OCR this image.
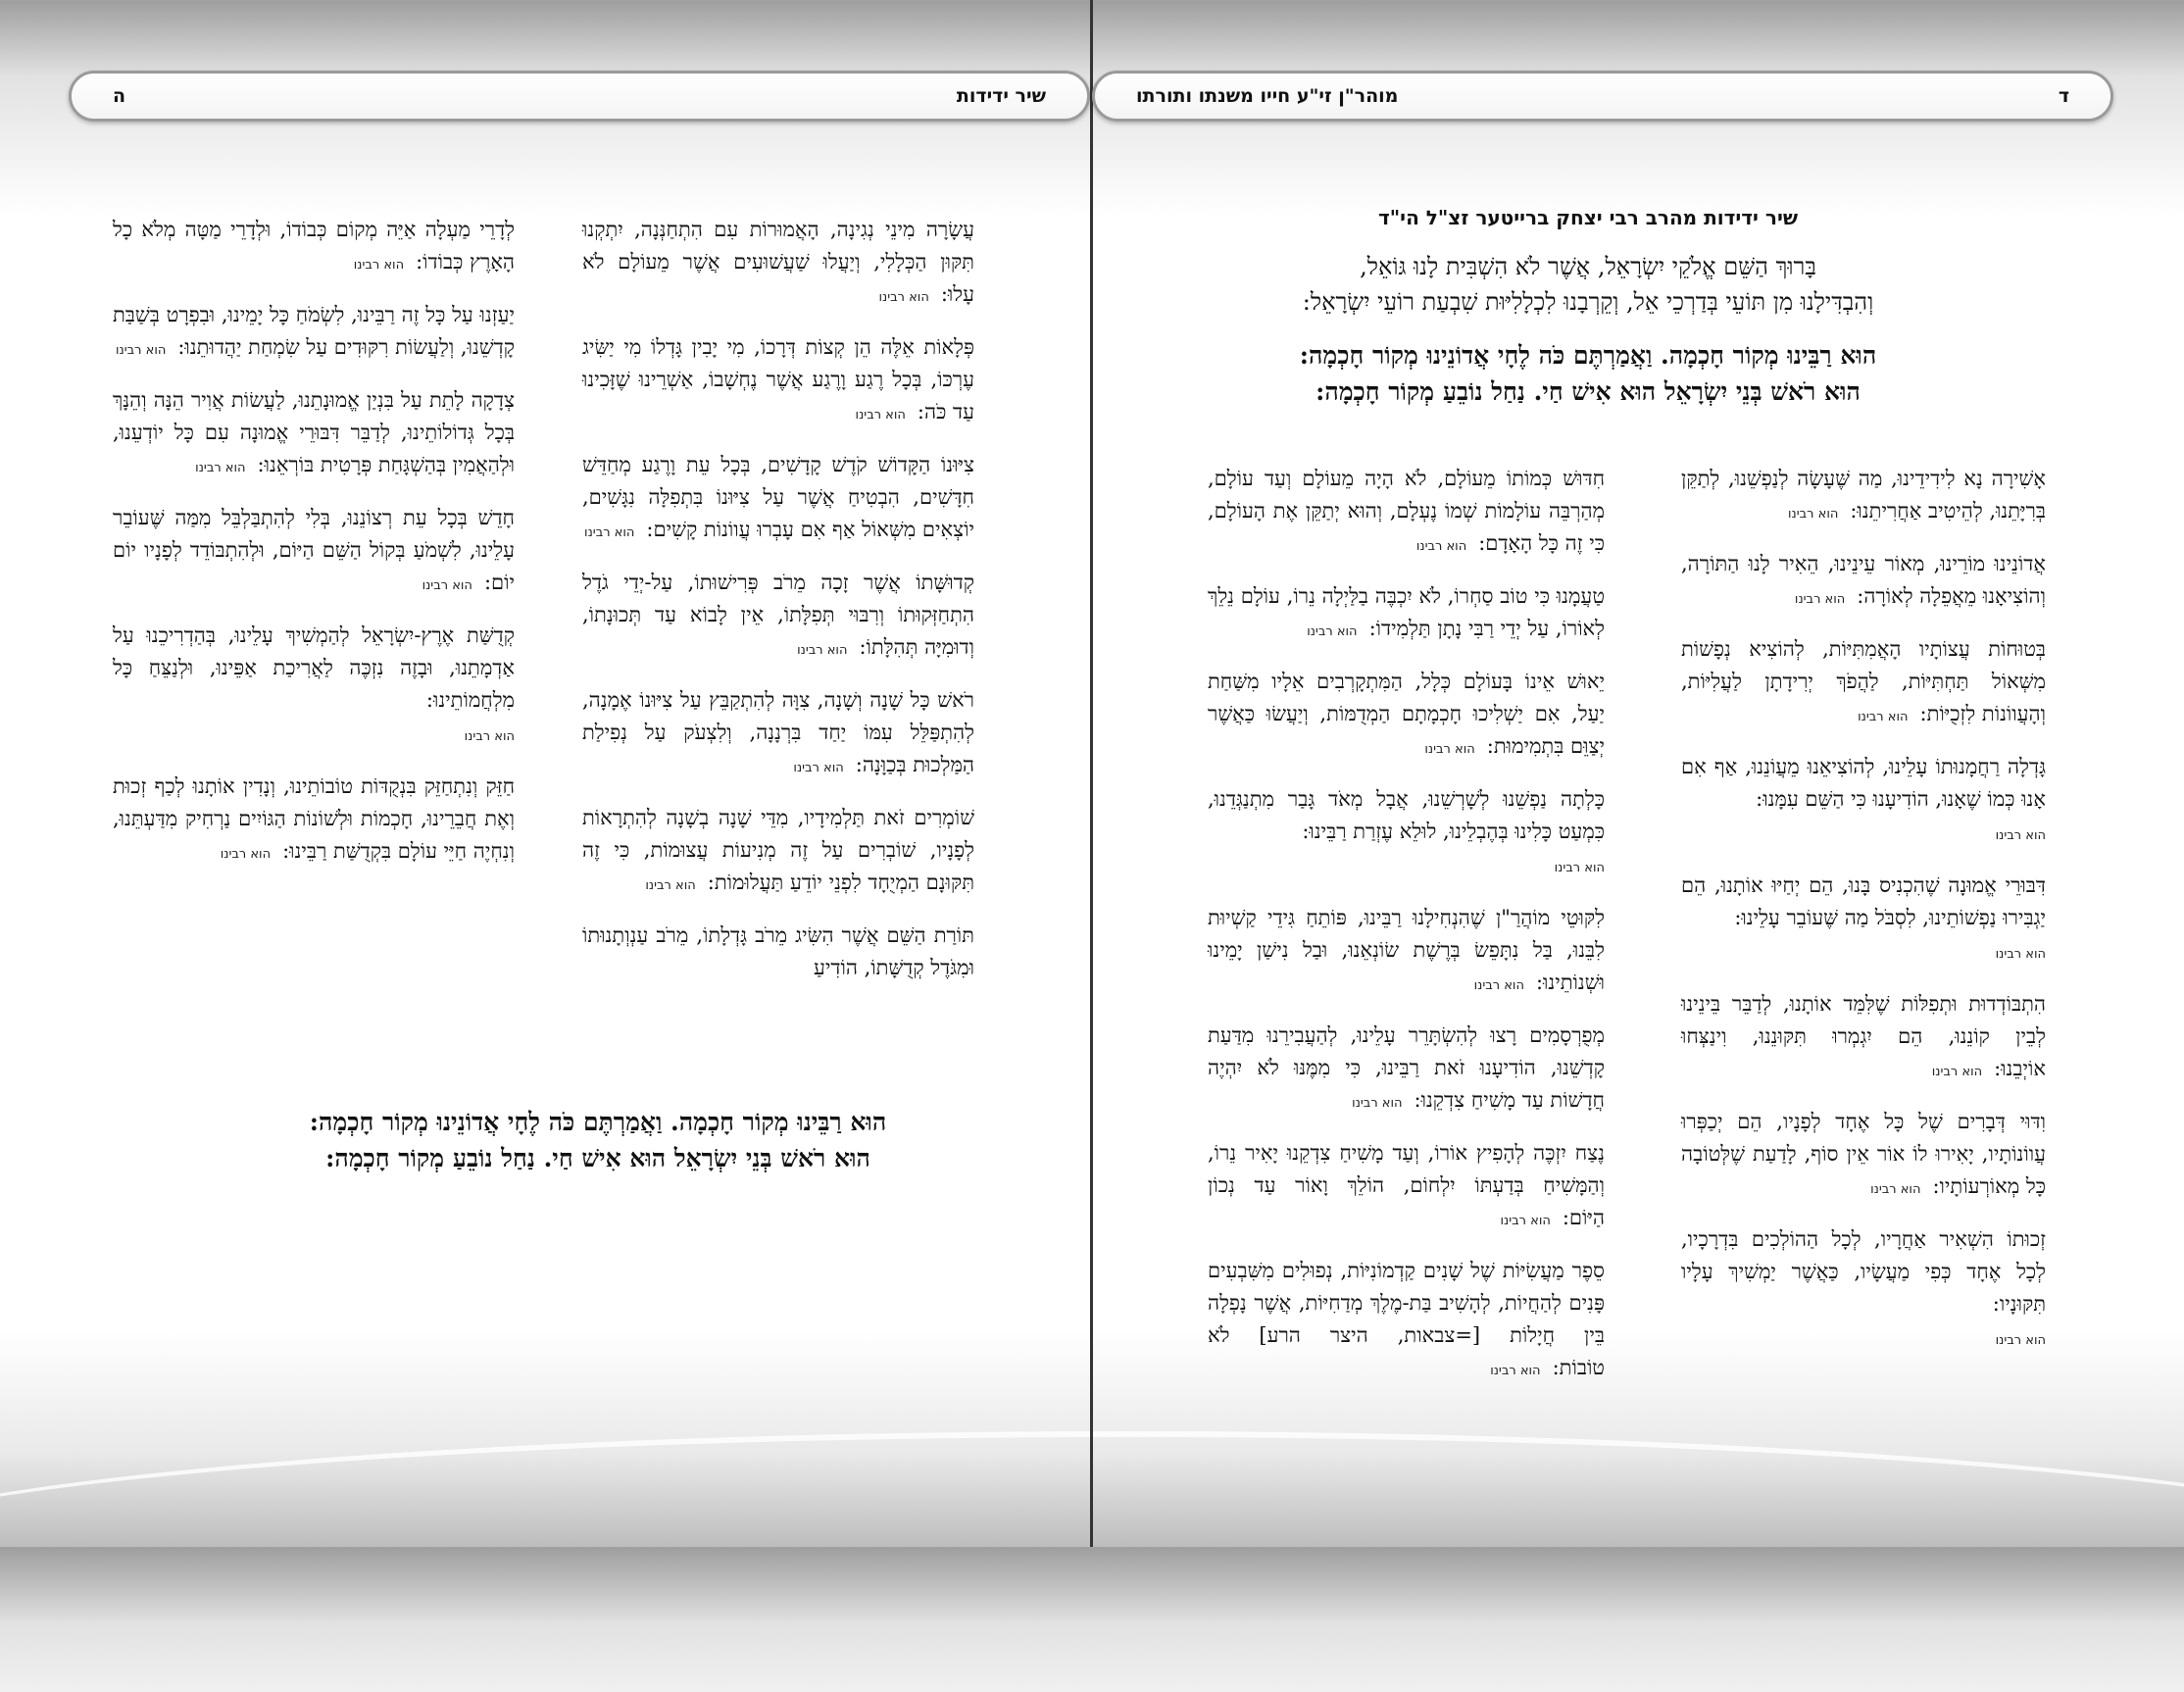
ה	שיר ידידות	מוהר"ן זי"ע חייו משנתו ותורתו	ד
שיר ידידות מהרב רבי יצחק ברייטער זצ"ל הי"ד
בָּרוּךְ הַשֵּׁם אֱלֹקֵי יִשְׂרָאֵל, אֲשֶׁר לֹא הִשְׁבִּית לָנוּ גּוֹאֵל,
וְהִבְדִּילָנוּ מִן תּוֹעֵי בְּדַרְכֵי אֵל, וְקֵרְבָנוּ לִכְלָלִיּוּת שִׁבְעַת רוֹעֵי יִשְׂרָאֵל:
הוּא רַבֵּינוּ מְקוֹר חָכְמָה. וַאֲמַרְתֶּם כֹּה לֶחָי אֲדוֹנֵינוּ מְקוֹר חָכְמָה:
הוּא רֹאשׁ בְּנֵי יִשְׂרָאֵל הוּא אִישׁ חַי. נַחַל נוֹבֵעַ מְקוֹר חָכְמָה:

אָשִׁירָה נָא לִידִידֵינוּ, מַה שֶּׁעָשָׂה לְנַפְשֵׁנוּ, לְתַקֵּן בְּרִיָּתֵנוּ, לְהֵיטִיב אַחֲרִיתֵנוּ:הוא רבינו

אֲדוֹנֵינוּ מוֹרֵינוּ, מְאוֹר עֵינֵינוּ, הֵאִיר לָנוּ הַתּוֹרָה, וְהוֹצִיאָנוּ מֵאֲפֵלָה לְאוֹרָה:הוא רבינו

בְּטוּחוֹת עֲצוֹתָיו הָאֲמִתִּיּוֹת, לְהוֹצִיא נְפָשׁוֹת מִשְּׁאוֹל תַּחְתִּיּוֹת, לַהֲפֹךְ יְרִידָתָן לַעֲלִיּוֹת, וְהָעֲווֹנוֹת לִזְכֻיּוֹת:הוא רבינו

גָּדְלָה רַחֲמָנוּתוֹ עָלֵינוּ, לְהוֹצִיאֵנוּ מֵעֲוֹנֵנוּ, אַף אִם אָנוּ כְּמוֹ שֶׁאָנוּ, הוֹדִיעָנוּ כִּי הַשֵּׁם עִמָּנוּ:
הוא רבינו

דִּבּוּרֵי אֱמוּנָה שֶׁהִכְנִיס בָּנוּ, הֵם יְחַיּוּ אוֹתָנוּ, הֵם יַגְבִּירוּ נַפְשׁוֹתֵינוּ, לִסְבֹּל מַה שֶּׁעוֹבֵר עָלֵינוּ:
הוא רבינו

הִתְבּוֹדְדוּת וּתְפִלּוֹת שֶׁלִּמֵּד אוֹתָנוּ, לְדַבֵּר בֵּינֵינוּ לְבֵין קוֹנֵנוּ, הֵם יִגְמְרוּ תִּקּוּנֵנוּ, וִינַצְּחוּ אוֹיְבֵנוּ:הוא רבינו

וִדּוּי דְּבָרִים שֶׁל כָּל אֶחָד לְפָנָיו, הֵם יְכַפְּרוּ עֲווֹנוֹתָיו, יָאִירוּ לוֹ אוֹר אֵין סוֹף, לָדַעַת שֶׁלְּטוֹבָה כָּל מְאוֹרְעוֹתָיו:הוא רבינו

זְכוּתוֹ הִשְׁאִיר אַחֲרָיו, לְכָל הַהוֹלְכִים בִּדְרָכָיו, לְכָל אֶחָד כְּפִי מַעֲשָׂיו, כַּאֲשֶׁר יַמְשִׁיךְ עָלָיו תִּקּוּנָיו:
הוא רבינו

חִדּוּשׁ כְּמוֹתוֹ מֵעוֹלָם, לֹא הָיָה מֵעוֹלָם וְעַד עוֹלָם, מְהַרְבֵּה עוֹלָמוֹת שְׁמוֹ נֶעְלָם, וְהוּא יְתַקֵּן אֶת הָעוֹלָם, כִּי זֶה כָּל הָאָדָם:הוא רבינו

טַעֲמָנוּ כִּי טוֹב סַחְרוֹ, לֹא יִכְבֶּה בַלַּיְלָה נֵרוֹ, עוֹלָם נֵלֵךְ לְאוֹרוֹ, עַל יְדֵי רַבִּי נָתָן תַּלְמִידוֹ:הוא רבינו

יֵאוּשׁ אֵינוֹ בָּעוֹלָם כְּלָל, הַמִּתְקָרְבִים אֵלָיו מִשַּׁחַת יַעַל, אִם יַשְׁלִיכוּ חָכְמָתָם הַמְדֻמּוֹת, וְיַעֲשׂוּ כַּאֲשֶׁר יְצַוֵּם בִּתְמִימוּת:הוא רבינו

כָּלְתָה נַפְשֵׁנוּ לְשָׁרְשֵׁנוּ, אֲבָל מְאֹד גָּבַר מִתְנַגְּדֵנוּ, כִּמְעַט כָּלִינוּ בְּהֶבְלֵינוּ, לוּלֵא עֶזְרַת רַבֵּינוּ:
הוא רבינו

לִקּוּטֵי מוֹהֲרַ"ן שֶׁהִנְחִילָנוּ רַבֵּינוּ, פּוֹתֵחַ גִּידֵי קַשְׁיוּת לִבֵּנוּ, בַּל נִתָּפֵשׂ בְּרֶשֶׁת שׂוֹנְאֵנוּ, וּבַל נִישַׁן יָמֵינוּ וּשְׁנוֹתֵינוּ:הוא רבינו

מְפֻרְסָמִים רָצוּ לְהִשְׂתָּרֵר עָלֵינוּ, לְהַעֲבִירֵנוּ מִדַּעַת קָדְשֵׁנוּ, הוֹדִיעָנוּ זֹאת רַבֵּינוּ, כִּי מִמֶּנּוּ לֹא יִהְיֶה חֲדָשׁוֹת עַד מָשִׁיחַ צִדְקֵנוּ:הוא רבינו

נֶצַח יִזְכֶּה לְהָפִיץ אוֹרוֹ, וְעַד מָשִׁיחַ צִדְקֵנוּ יָאִיר נֵרוֹ, וְהַמָּשִׁיחַ בְּדַעְתּוֹ יִלְחוֹם, הוֹלֵךְ וָאוֹר עַד נְכוֹן הַיּוֹם:הוא רבינו

סֵפֶר מַעֲשִׂיּוֹת שֶׁל שָׁנִים קַדְמוֹנִיּוֹת, נְפוּלִים מִשִּׁבְעִים פָּנִים לְהַחֲיוֹת, לְהָשִׁיב בַּת-מֶלֶךְ מְדַחִיּוֹת, אֲשֶׁר נָפְלָה בֵּין חֲיָלוֹת [=צבאות, היצר הרע] לֹא טוֹבוֹת:הוא רבינו

עֲשָׂרָה מִינֵי נְגִינָה, הָאֲמוּרוֹת עִם הִתְחַנְּנָה, יִתְקְנוּ תִּקּוּן הַכְּלָלִי, וְיַעֲלוּ שַׁעֲשׁוּעִים אֲשֶׁר מֵעוֹלָם לֹא עָלוּ:הוא רבינו

פְּלָאוֹת אֵלֶּה הֵן קְצוֹת דְּרָכוֹ, מִי יָבִין גָּדְלוֹ מִי יַשִּׂיג עֶרְכּוֹ, בְּכָל רֶגַע וָרֶגַע אֲשֶׁר נֶחְשָׁבוֹ, אַשְׁרֵינוּ שֶׁזָּכִינוּ עַד כֹּה:הוא רבינו

צִיּוּנוֹ הַקָּדוֹשׁ קֹדֶשׁ קָדָשִׁים, בְּכָל עֵת וָרֶגַע מְחַדֵּשׁ חִדָּשִׁים, הִבְטִיחַ אֲשֶׁר עַל צִיּוּנוֹ בִּתְפִלָּה נִגָּשִׁים, יוֹצְאִים מִשְּׁאוֹל אַף אִם עָבְרוּ עֲווֹנוֹת קָשִׁים:הוא רבינו

קְדוּשָּׁתוֹ אֲשֶׁר זָכָה מֵרֹב פְּרִישׁוּתוֹ, עַל-יְדֵי גֹדֶל הִתְחַזְּקוּתוֹ וְרִבּוּי תְּפִלָּתוֹ, אֵין לָבוֹא עַד תְּכוּנָתוֹ, וְדוּמִיָּה תְּהִלָּתוֹ:הוא רבינו

רֹאשׁ כָּל שָׁנָה וְשָׁנָה, צִוָּה לְהִתְקַבֵּץ עַל צִיּוּנוֹ אֶמָנָה, לְהִתְפַּלֵּל עִמּוֹ יַחַד בִּרְנָנָה, וְלִצְעֹק עַל נְפִילַת הַמַּלְכוּת בְּכַוָּנָה:הוא רבינו

שׁוֹמְרִים זֹאת תַּלְמִידָיו, מִדֵּי שָׁנָה בְשָׁנָה לְהִתְרָאוֹת לְפָנָיו, שׁוֹבְרִים עַל זֶה מְנִיעוֹת עֲצוּמוֹת, כִּי זֶה תִּקּוּנָם הַמְיֻחָד לִפְנֵי יוֹדֵעַ תַּעֲלוּמוֹת:הוא רבינו

תּוֹרַת הַשֵּׁם אֲשֶׁר הִשִּׂיג מֵרֹב גָּדְלָתוֹ, מֵרֹב עַנְוְתָנוּתוֹ וּמִגֹּדֶל קְדֻשָּׁתוֹ, הוֹדִיעַ

לְדָרֵי מַעְלָה אַיֵּה מְקוֹם כְּבוֹדוֹ, וּלְדָרֵי מַטָּה מְלֹא כָל הָאָרֶץ כְּבוֹדוֹ:הוא רבינו

יַעַזְנוּ עַל כָּל זֶה רַבֵּינוּ, לִשְׂמֹחַ כָּל יָמֵינוּ, וּבִפְרָט בְּשַׁבַּת קָדְשֵׁנוּ, וְלַעֲשׂוֹת רִקּוּדִים עַל שִׂמְחַת יַהֲדוּתֵנוּ:הוא רבינו

צְדָקָה לָתֵת עַל בִּנְיַן אֱמוּנָתֵנוּ, לַעֲשׂוֹת אֲוִיר הֵנָּה וְהֵנָּךְ בְּכָל גְּדוֹלוֹתֵינוּ, לְדַבֵּר דִּבּוּרֵי אֱמוּנָה עִם כָּל יוֹדְעֵנוּ, וּלְהַאֲמִין בְּהַשְׁגָּחַת פְּרָטִית בּוֹרְאֵנוּ:הוא רבינו

חָדֵשׁ בְּכָל עֵת רְצוֹנֵנוּ, בְּלִי לְהִתְבַּלְבֵּל מִמַּה שֶּׁעוֹבֵר עָלֵינוּ, לִשְׁמֹעַ בְּקוֹל הַשֵּׁם הַיּוֹם, וּלְהִתְבּוֹדֵד לְפָנָיו יוֹם יוֹם:הוא רבינו

קְדֻשַּׁת אֶרֶץ-יִשְׂרָאֵל לְהַמְשִׁיךְ עָלֵינוּ, בְּהַדְרִיכֵנוּ עַל אַדְמָתֵנוּ, וּבָזֶה נִזְכֶּה לַאֲרִיכַת אַפֵּינוּ, וּלְנַצֵּחַ כָּל מִלְחֲמוֹתֵינוּ:
הוא רבינו

חַזֵּק וְנִתְחַזֵּק בִּנְקֻדּוֹת טוֹבוֹתֵינוּ, וְנָדִין אוֹתָנוּ לְכַף זְכוּת וְאֶת חֲבֵרֵינוּ, חָכְמוֹת וּלְשׁוֹנוֹת הַגּוֹיִים נַרְחִיק מִדַּעְתֵּנוּ, וְנִחְיֶה חַיֵּי עוֹלָם בִּקְדֻשַּׁת רַבֵּינוּ:הוא רבינו

הוּא רַבֵּינוּ מְקוֹר חָכְמָה. וַאֲמַרְתֶּם כֹּה לֶחָי אֲדוֹנֵינוּ מְקוֹר חָכְמָה:
הוּא רֹאשׁ בְּנֵי יִשְׂרָאֵל הוּא אִישׁ חַי. נַחַל נוֹבֵעַ מְקוֹר חָכְמָה:
